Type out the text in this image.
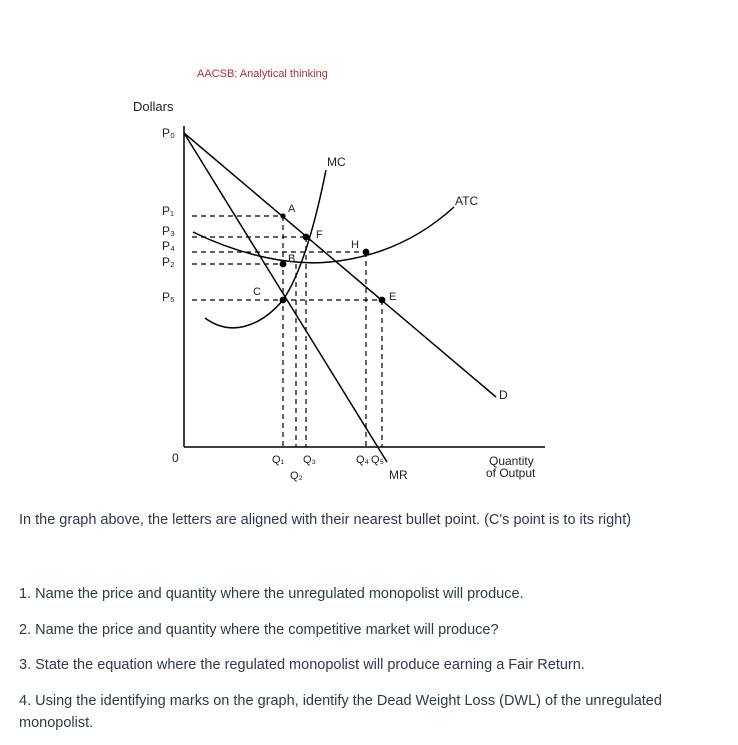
AACSB: Analytical thinking
Dollars
0	Quantity
of Output
P₀
P₁
P₃
P₄
P₂
P₅
A
F
H
B
C	E
MC
ATC
D
MR
Q₁ Q₃
Q₂
Q₄ Q₅
In the graph above, the letters are aligned with their nearest bullet point. (C's point is to its right)
1. Name the price and quantity where the unregulated monopolist will produce.
2. Name the price and quantity where the competitive market will produce?
3. State the equation where the regulated monopolist will produce earning a Fair Return.
4. Using the identifying marks on the graph, identify the Dead Weight Loss (DWL) of the unregulated monopolist.
